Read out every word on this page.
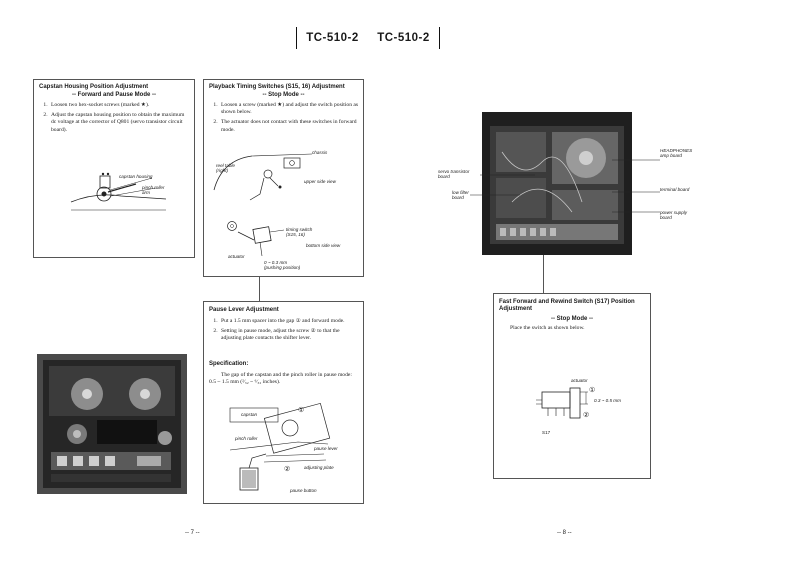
TC-510-2 TC-510-2
Capstan Housing Position Adjustment
-- Forward and Pause Mode --
1. Loosen two hex-socket screws (marked ★).
2. Adjust the capstan housing position to obtain the maximum dc voltage at the corrector of Q801 (servo transistor circuit board).
capstan housing
pinch roller
arm
Playback Timing Switches (S15, 16) Adjustment
-- Stop Mode --
1. Loosen a screw (marked ★) and adjust the switch position as shown below.
2. The actuator does not contact with these switches in forward mode.
chassis
reel table
(right)
upper side view
timing switch
(S15, 16)
bottom side view
actuator
0 ~ 0.3 mm
(pushing position)
Pause Lever Adjustment
1. Put a 1.5 mm spacer into the gap ① and forward mode.
2. Setting in pause mode, adjust the screw ② to that the adjusting plate contacts the shifter lever.
Specification:
The gap of the capstan and the pinch roller in pause mode: 0.5 ~ 1.5 mm (²⁄₃₂ ~ ⁶⁄₃₂ inches).
capstan
pinch roller
pause lever
adjusting plate
pause button
①
②
Fast Forward and Rewind Switch (S17) Position Adjustment
-- Stop Mode --
Place the switch as shown below.
actuator
0.3 ~ 0.5 mm
S17
①
②
servo transistor
board
low filter
board
HEADPHONES
amp board
terminal board
power supply
board
-- 7 --	-- 8 --
